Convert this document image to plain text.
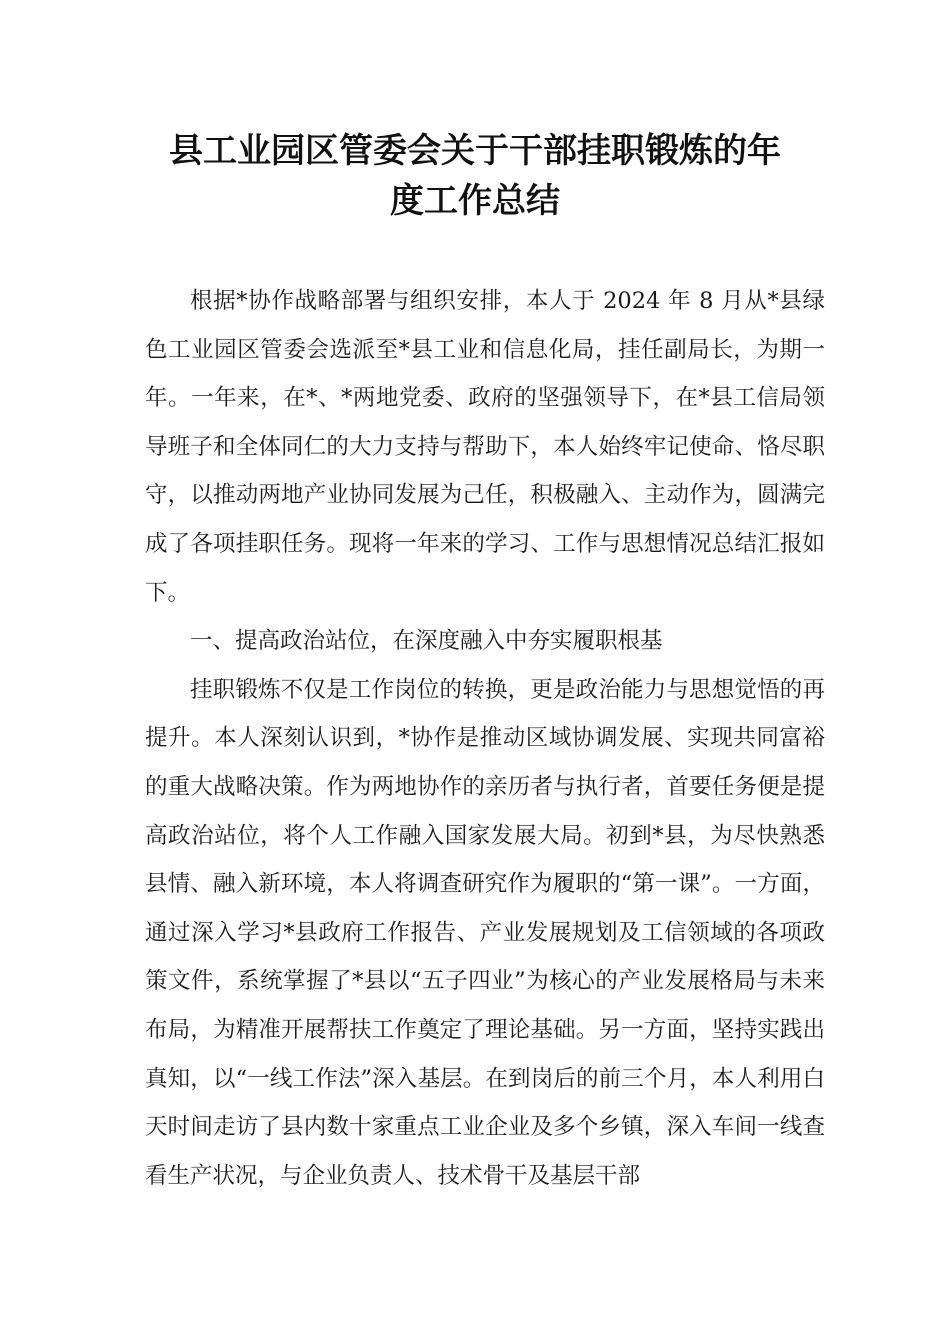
县工业园区管委会关于干部挂职锻炼的年
度工作总结

根据*协作战略部署与组织安排，本人于 2024 年 8 月从*县绿色工业园区管委会选派至*县工业和信息化局，挂任副局长，为期一年。一年来，在*、*两地党委、政府的坚强领导下，在*县工信局领导班子和全体同仁的大力支持与帮助下，本人始终牢记使命、恪尽职守，以推动两地产业协同发展为己任，积极融入、主动作为，圆满完成了各项挂职任务。现将一年来的学习、工作与思想情况总结汇报如下。

一、提高政治站位，在深度融入中夯实履职根基

挂职锻炼不仅是工作岗位的转换，更是政治能力与思想觉悟的再提升。本人深刻认识到，*协作是推动区域协调发展、实现共同富裕的重大战略决策。作为两地协作的亲历者与执行者，首要任务便是提高政治站位，将个人工作融入国家发展大局。初到*县，为尽快熟悉县情、融入新环境，本人将调查研究作为履职的“第一课”。一方面，通过深入学习*县政府工作报告、产业发展规划及工信领域的各项政策文件，系统掌握了*县以“五子四业”为核心的产业发展格局与未来布局，为精准开展帮扶工作奠定了理论基础。另一方面，坚持实践出真知，以“一线工作法”深入基层。在到岗后的前三个月，本人利用白天时间走访了县内数十家重点工业企业及多个乡镇，深入车间一线查看生产状况，与企业负责人、技术骨干及基层干部
